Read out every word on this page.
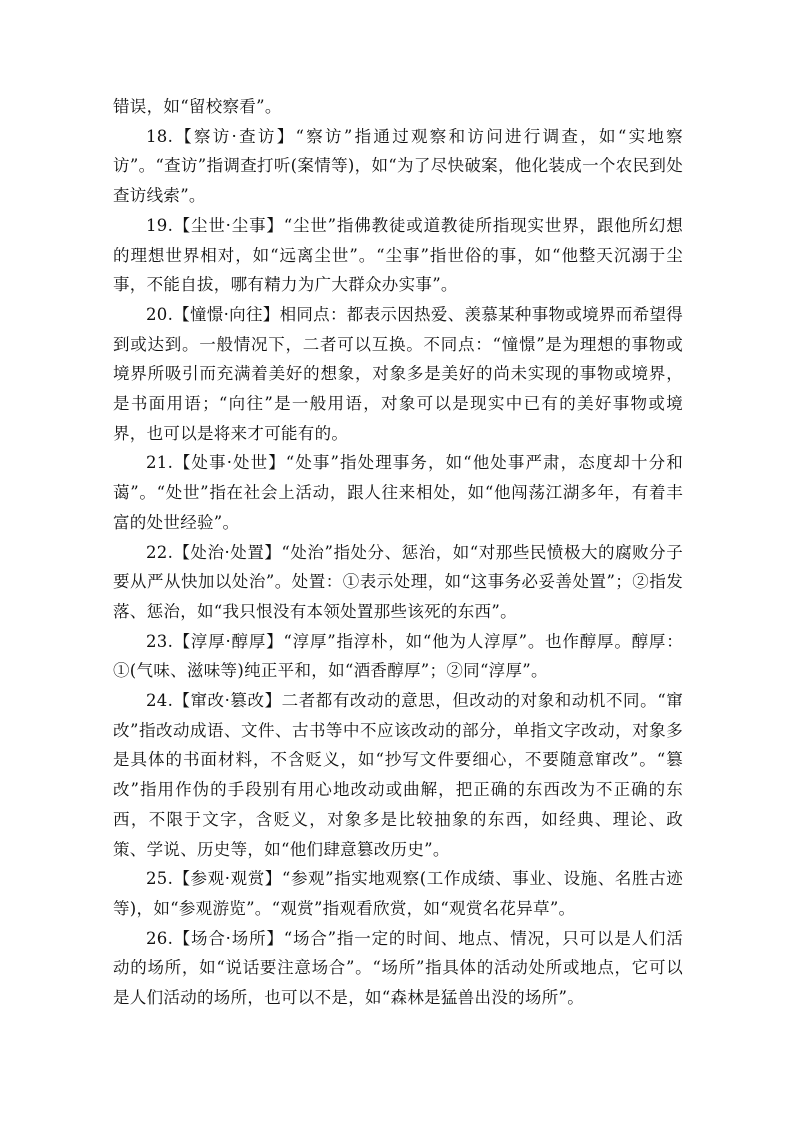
错误，如“留校察看”。

18.【察访·查访】“察访”指通过观察和访问进行调查，如“实地察访”。“查访”指调查打听(案情等)，如“为了尽快破案，他化装成一个农民到处查访线索”。

19.【尘世·尘事】“尘世”指佛教徒或道教徒所指现实世界，跟他所幻想的理想世界相对，如“远离尘世”。“尘事”指世俗的事，如“他整天沉溺于尘事，不能自拔，哪有精力为广大群众办实事”。

20.【憧憬·向往】相同点：都表示因热爱、羡慕某种事物或境界而希望得到或达到。一般情况下，二者可以互换。不同点：“憧憬”是为理想的事物或境界所吸引而充满着美好的想象，对象多是美好的尚未实现的事物或境界，是书面用语；“向往”是一般用语，对象可以是现实中已有的美好事物或境界，也可以是将来才可能有的。

21.【处事·处世】“处事”指处理事务，如“他处事严肃，态度却十分和蔼”。“处世”指在社会上活动，跟人往来相处，如“他闯荡江湖多年，有着丰富的处世经验”。

22.【处治·处置】“处治”指处分、惩治，如“对那些民愤极大的腐败分子要从严从快加以处治”。处置：①表示处理，如“这事务必妥善处置”；②指发落、惩治，如“我只恨没有本领处置那些该死的东西”。

23.【淳厚·醇厚】“淳厚”指淳朴，如“他为人淳厚”。也作醇厚。醇厚：①(气味、滋味等)纯正平和，如“酒香醇厚”；②同“淳厚”。

24.【窜改·篡改】二者都有改动的意思，但改动的对象和动机不同。“窜改”指改动成语、文件、古书等中不应该改动的部分，单指文字改动，对象多是具体的书面材料，不含贬义，如“抄写文件要细心，不要随意窜改”。“篡改”指用作伪的手段别有用心地改动或曲解，把正确的东西改为不正确的东西，不限于文字，含贬义，对象多是比较抽象的东西，如经典、理论、政策、学说、历史等，如“他们肆意篡改历史”。

25.【参观·观赏】“参观”指实地观察(工作成绩、事业、设施、名胜古迹等)，如“参观游览”。“观赏”指观看欣赏，如“观赏名花异草”。

26.【场合·场所】“场合”指一定的时间、地点、情况，只可以是人们活动的场所，如“说话要注意场合”。“场所”指具体的活动处所或地点，它可以是人们活动的场所，也可以不是，如“森林是猛兽出没的场所”。
